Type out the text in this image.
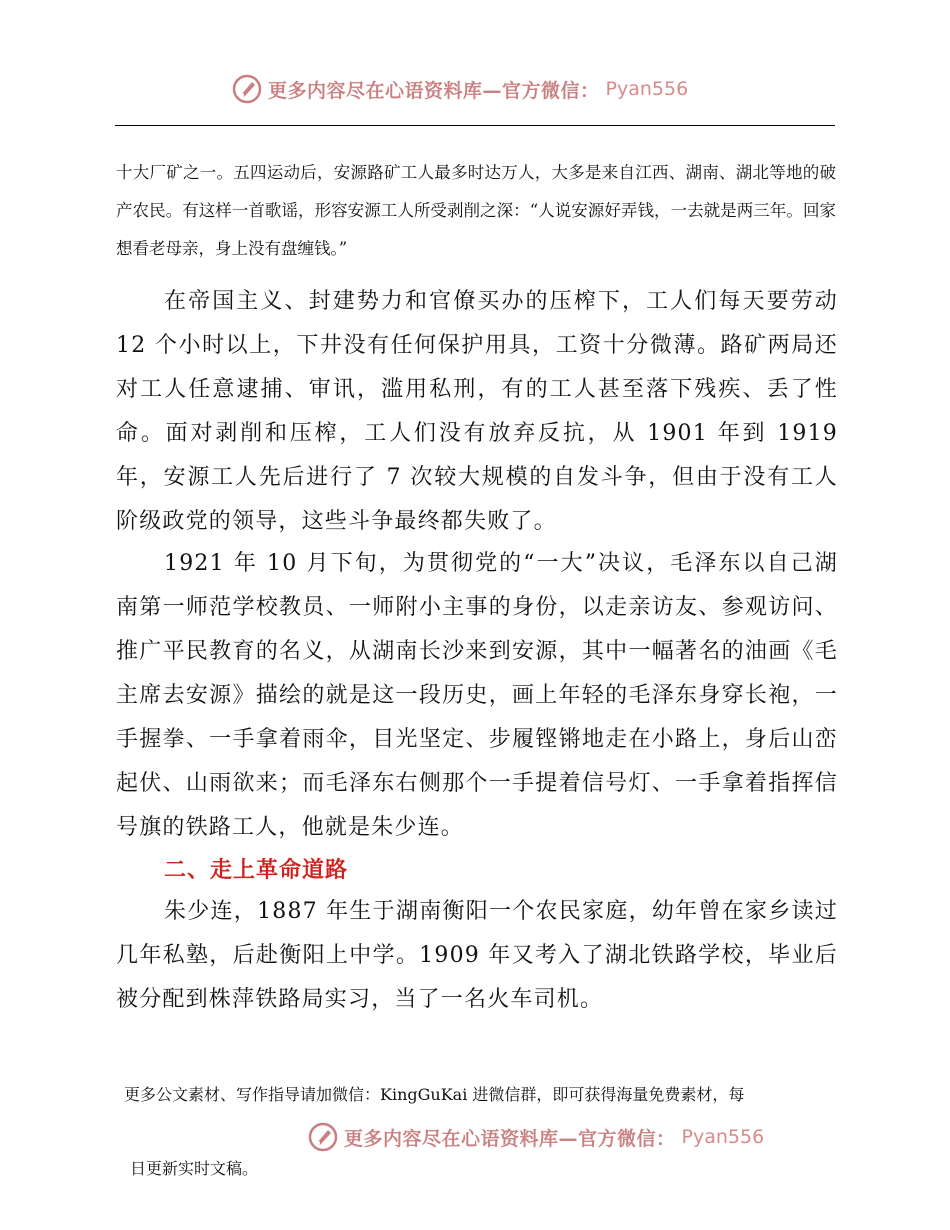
更多内容尽在心语资料库—官方微信： Pyan556
十大厂矿之一。五四运动后，安源路矿工人最多时达万人，大多是来自江西、湖南、湖北等地的破产农民。有这样一首歌谣，形容安源工人所受剥削之深：“人说安源好弄钱，一去就是两三年。回家想看老母亲，身上没有盘缠钱。”
在帝国主义、封建势力和官僚买办的压榨下，工人们每天要劳动 12 个小时以上，下井没有任何保护用具，工资十分微薄。路矿两局还对工人任意逮捕、审讯，滥用私刑，有的工人甚至落下残疾、丢了性命。面对剥削和压榨，工人们没有放弃反抗，从 1901 年到 1919 年，安源工人先后进行了 7 次较大规模的自发斗争，但由于没有工人阶级政党的领导，这些斗争最终都失败了。
1921 年 10 月下旬，为贯彻党的“一大”决议，毛泽东以自己湖南第一师范学校教员、一师附小主事的身份，以走亲访友、参观访问、推广平民教育的名义，从湖南长沙来到安源，其中一幅著名的油画《毛主席去安源》描绘的就是这一段历史，画上年轻的毛泽东身穿长袍，一手握拳、一手拿着雨伞，目光坚定、步履铿锵地走在小路上，身后山峦起伏、山雨欲来；而毛泽东右侧那个一手提着信号灯、一手拿着指挥信号旗的铁路工人，他就是朱少连。
二、走上革命道路
朱少连，1887 年生于湖南衡阳一个农民家庭，幼年曾在家乡读过几年私塾，后赴衡阳上中学。1909 年又考入了湖北铁路学校，毕业后被分配到株萍铁路局实习，当了一名火车司机。
更多公文素材、写作指导请加微信：KingGuKai 进微信群，即可获得海量免费素材，每
更多内容尽在心语资料库—官方微信： Pyan556
日更新实时文稿。
